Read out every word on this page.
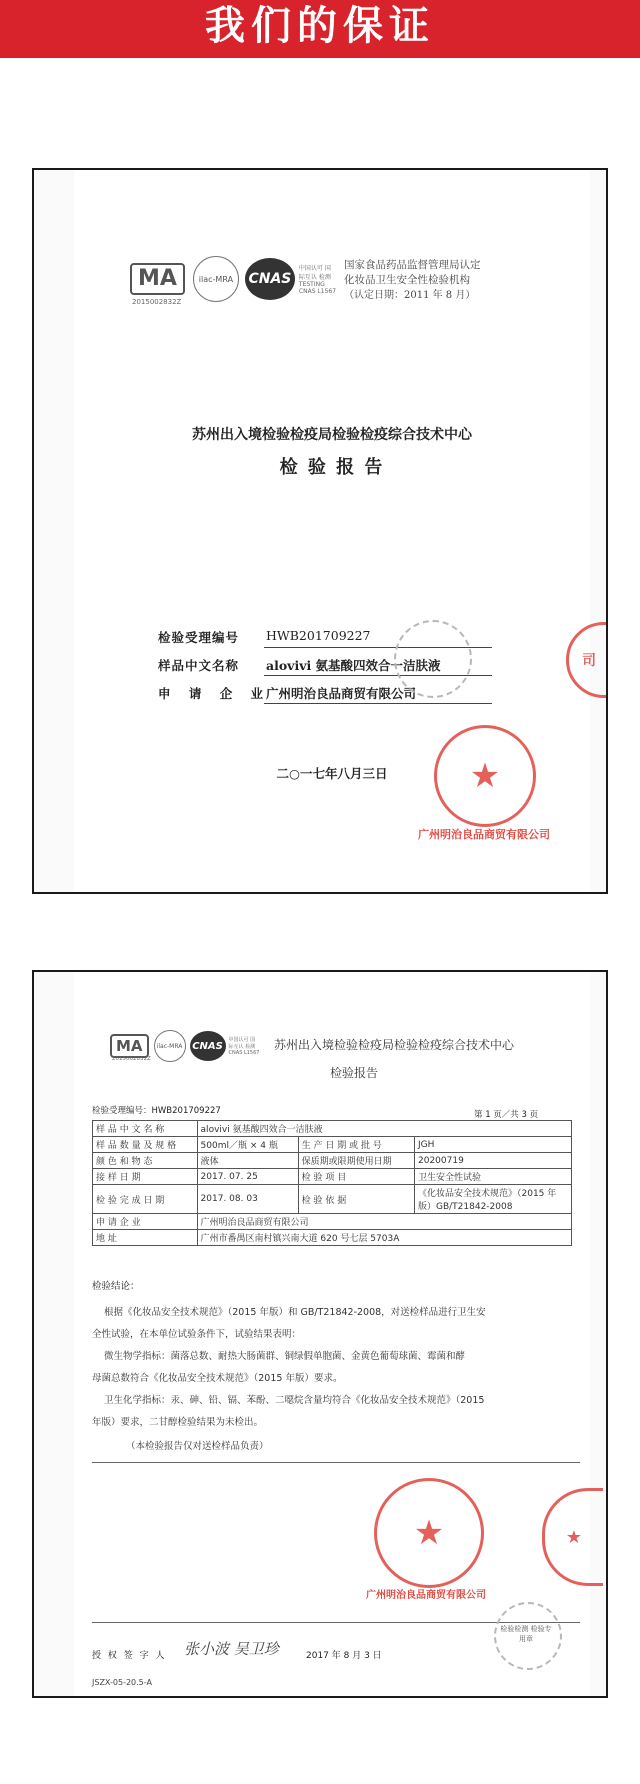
我们的保证
MA	ilac-MRA	CNAS
中国认可 国际互认 检测
TESTING
CNAS L1567
2015002832Z
国家食品药品监督管理局认定
化妆品卫生安全性检验机构
（认定日期：2011 年 8 月）
苏州出入境检验检疫局检验检疫综合技术中心
检 验 报 告
检验受理编号 HWB201709227
样品中文名称 alovivi 氨基酸四效合一洁肤液
申 请 企 业
广州明治良品商贸有限公司
二○一七年八月三日	★
广州明治良品商贸有限公司
司
MA	ilac-MRA CNAS
中国认可 国际互认 检测
CNAS L1567
2015002832Z
苏州出入境检验检疫局检验检疫综合技术中心
检验报告
检验受理编号：HWB201709227	第 1 页／共 3 页
样 品 中 文 名 称	alovivi 氨基酸四效合一洁肤液		
样 品 数 量 及 规 格	500ml／瓶 × 4 瓶	生 产 日 期 或 批 号	JGH
颜 色 和 物 态	液体	保质期或限期使用日期	20200719
接 样 日 期	2017. 07. 25	检 验 项 目	卫生安全性试验
检 验 完 成 日 期	2017. 08. 03	检 验 依 据	《化妆品安全技术规范》（2015 年版）GB/T21842-2008
申 请 企 业	广州明治良品商贸有限公司		
地 址	广州市番禺区南村镇兴南大道 620 号七层 5703A		
检验结论：
根据《化妆品安全技术规范》（2015 年版）和 GB/T21842-2008，对送检样品进行卫生安
全性试验，在本单位试验条件下，试验结果表明：
微生物学指标：菌落总数、耐热大肠菌群、铜绿假单胞菌、金黄色葡萄球菌、霉菌和酵
母菌总数符合《化妆品安全技术规范》（2015 年版）要求。
卫生化学指标：汞、砷、铅、镉、苯酚、二噁烷含量均符合《化妆品安全技术规范》（2015
年版）要求，二甘醇检验结果为未检出。
（本检验报告仅对送检样品负责）
★
广州明治良品商贸有限公司
★
检验检测 检验专用章
授 权 签 字 人 张小波 吴卫珍	2017 年 8 月 3 日
JSZX-05-20.5-A
